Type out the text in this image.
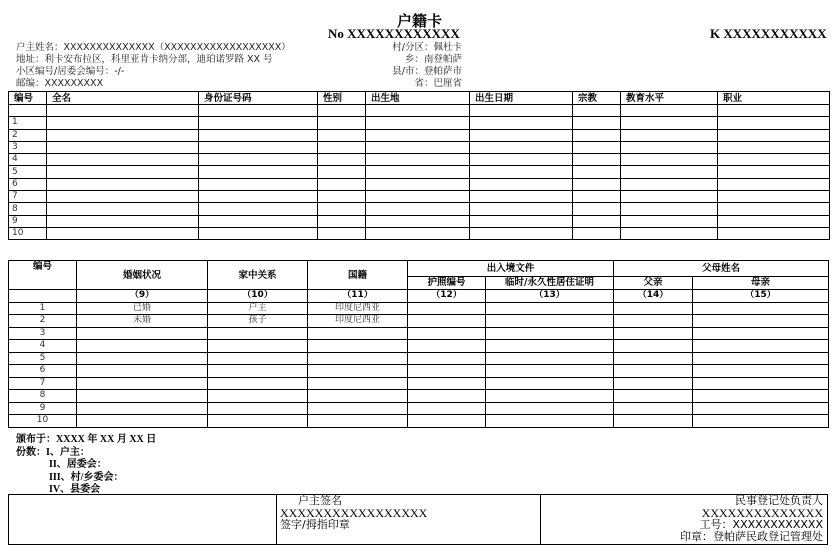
户籍卡
No XXXXXXXXXXXX	K XXXXXXXXXXX
户主姓名：XXXXXXXXXXXXXX（XXXXXXXXXXXXXXXXXX）
地址：利卡安布拉区，科里亚肯卡纳分部，迪珀诺罗路 XX 号
小区编号/居委会编号：-/-
邮编：XXXXXXXXX
村/分区：佩杜卡
乡：南登帕萨
县/市：登帕萨市
省：巴厘省
编号	全名	身份证号码	性别	出生地	出生日期	宗教	教育水平	职业

1								
2								
3								
4								
5								
6								
7								
8								
9								
10								
编号	婚姻状况	家中关系	国籍	出入境文件		父母姓名	
				护照编号	临时/永久性居住证明	父亲	母亲
	（9）	（10）	（11）	（12）	（13）	（14）	（15）
1	已婚	户主	印度尼西亚				
2	未婚	孩子	印度尼西亚				
3							
4							
5							
6							
7							
8							
9							
10							
颁布于：XXXX 年 XX 月 XX 日
份数：I、户主：
II、居委会：
III、村/乡委会：
IV、县委会
户主签名
XXXXXXXXXXXXXXXXX
签字/拇指印章
民事登记处负责人
XXXXXXXXXXXXXX
工号：XXXXXXXXXXXX
印章：登帕萨民政登记管理处
